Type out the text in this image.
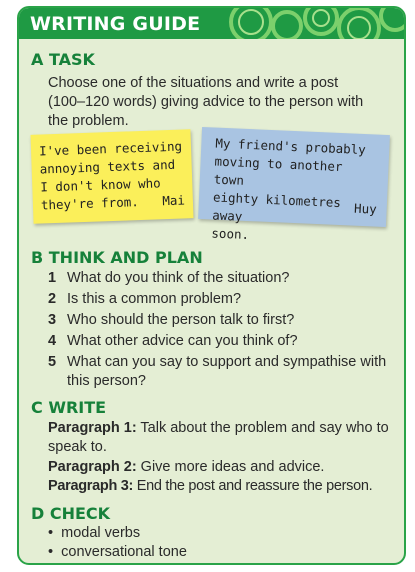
WRITING GUIDE
A TASK
Choose one of the situations and write a post (100–120 words) giving advice to the person with the problem.
B THINK AND PLAN
1 What do you think of the situation?
2 Is this a common problem?
3 Who should the person talk to first?
4 What other advice can you think of?
5 What can you say to support and sympathise with this person?
C WRITE
Paragraph 1: Talk about the problem and say who to speak to.
Paragraph 2: Give more ideas and advice.
Paragraph 3: End the post and reassure the person.
D CHECK
• modal verbs
• conversational tone
I've been receiving
annoying texts and
I don't know who
they're from.	Mai
My friend's probably
moving to another town
eighty kilometres away
soon.
Huy
